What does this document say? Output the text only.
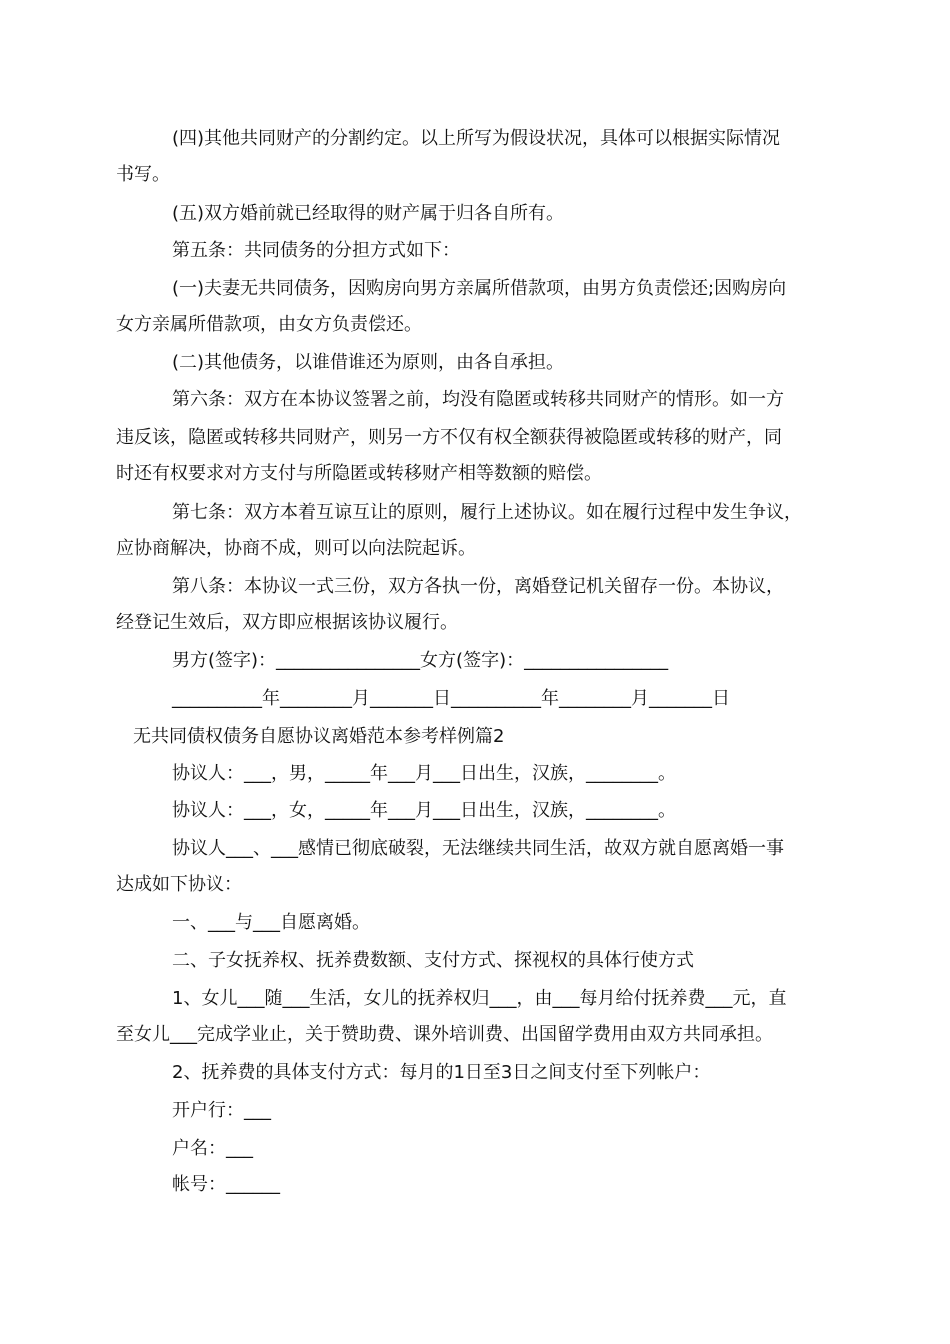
(四)其他共同财产的分割约定。以上所写为假设状况，具体可以根据实际情况
书写。
(五)双方婚前就已经取得的财产属于归各自所有。
第五条：共同债务的分担方式如下：
(一)夫妻无共同债务，因购房向男方亲属所借款项，由男方负责偿还;因购房向
女方亲属所借款项，由女方负责偿还。
(二)其他债务，以谁借谁还为原则，由各自承担。
第六条：双方在本协议签署之前，均没有隐匿或转移共同财产的情形。如一方
违反该，隐匿或转移共同财产，则另一方不仅有权全额获得被隐匿或转移的财产，同
时还有权要求对方支付与所隐匿或转移财产相等数额的赔偿。
第七条：双方本着互谅互让的原则，履行上述协议。如在履行过程中发生争议，
应协商解决，协商不成，则可以向法院起诉。
第八条：本协议一式三份，双方各执一份，离婚登记机关留存一份。本协议，
经登记生效后，双方即应根据该协议履行。
男方(签字)：________________女方(签字)：________________
__________年________月_______日__________年________月_______日
无共同债权债务自愿协议离婚范本参考样例篇2
协议人：___，男，_____年___月___日出生，汉族，________。
协议人：___，女，_____年___月___日出生，汉族，________。
协议人___、___感情已彻底破裂，无法继续共同生活，故双方就自愿离婚一事
达成如下协议：
一、___与___自愿离婚。
二、子女抚养权、抚养费数额、支付方式、探视权的具体行使方式
1、女儿___随___生活，女儿的抚养权归___，由___每月给付抚养费___元，直
至女儿___完成学业止，关于赞助费、课外培训费、出国留学费用由双方共同承担。
2、抚养费的具体支付方式：每月的1日至3日之间支付至下列帐户：
开户行：___
户名：___
帐号：______
